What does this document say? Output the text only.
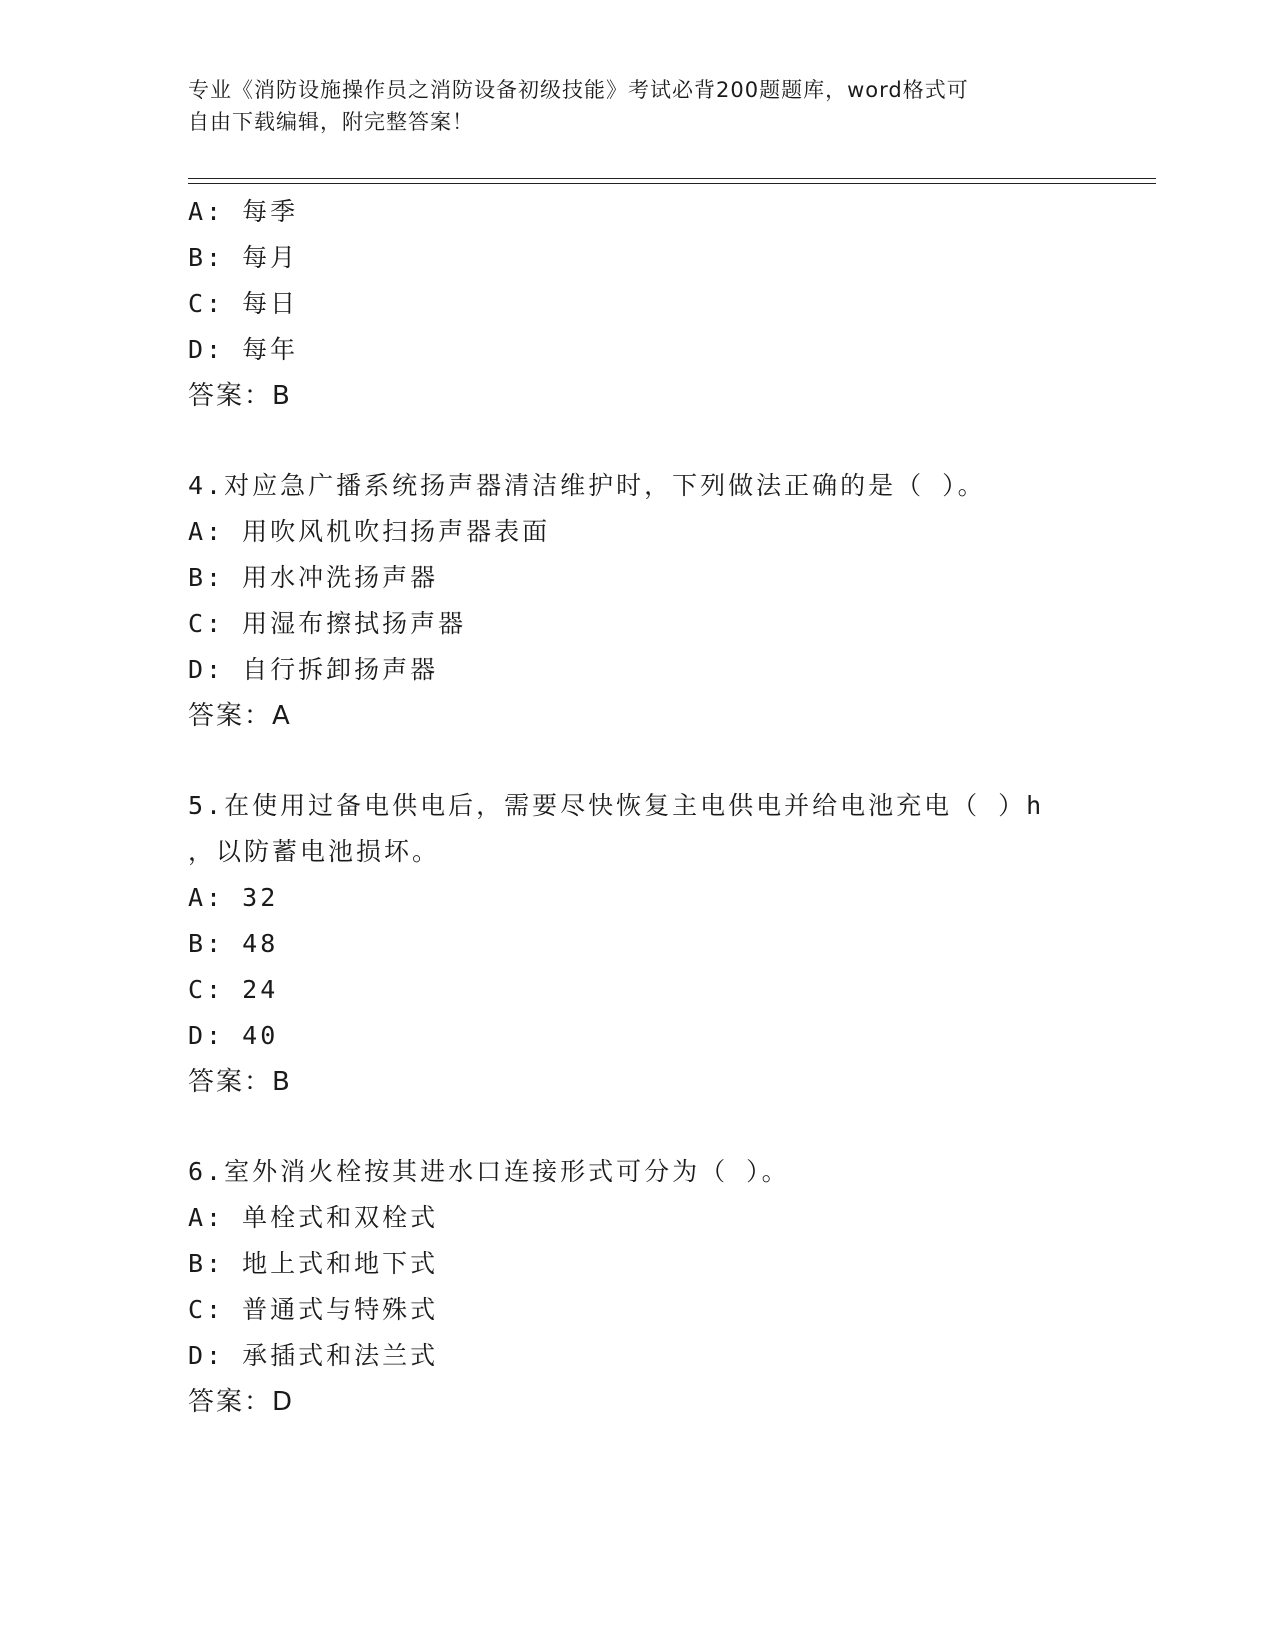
专业《消防设施操作员之消防设备初级技能》考试必背200题题库，word格式可
自由下载编辑，附完整答案！
A: 每季
B: 每月
C: 每日
D: 每年
答案：B
4.对应急广播系统扬声器清洁维护时，下列做法正确的是（ ）。
A: 用吹风机吹扫扬声器表面
B: 用水冲洗扬声器
C: 用湿布擦拭扬声器
D: 自行拆卸扬声器
答案：A
5.在使用过备电供电后，需要尽快恢复主电供电并给电池充电（ ）h
，以防蓄电池损坏。
A: 32
B: 48
C: 24
D: 40
答案：B
6.室外消火栓按其进水口连接形式可分为（ ）。
A: 单栓式和双栓式
B: 地上式和地下式
C: 普通式与特殊式
D: 承插式和法兰式
答案：D
